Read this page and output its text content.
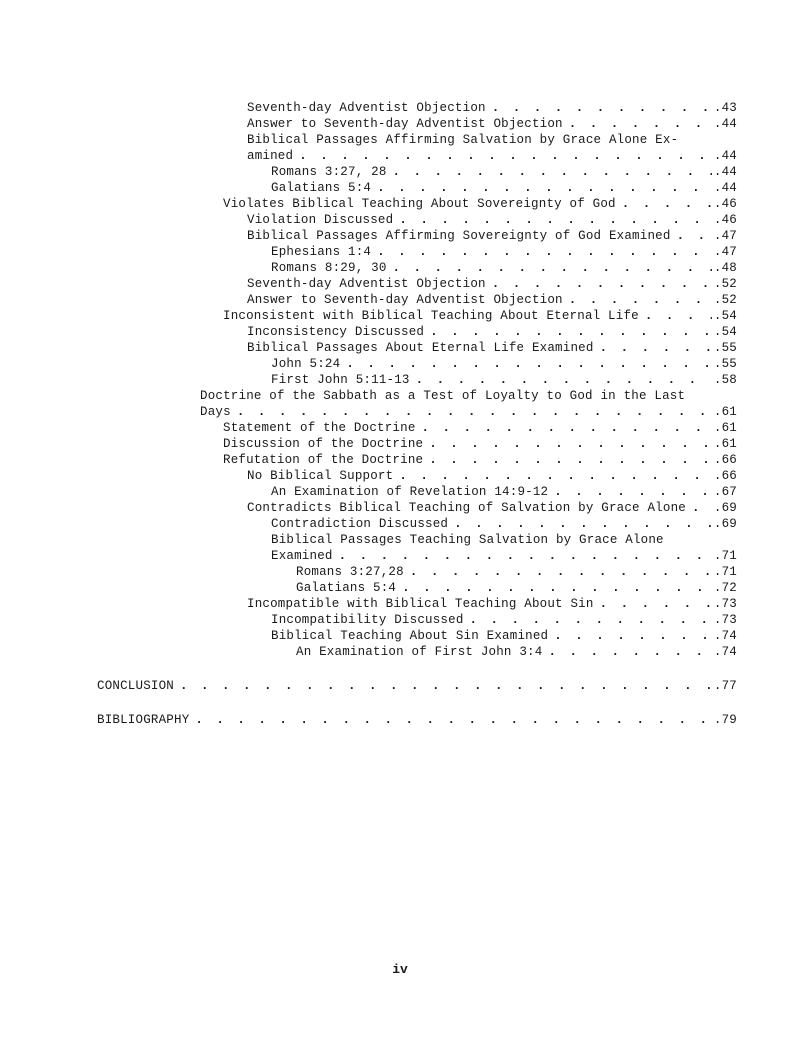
Seventh-day Adventist Objection . . .	.43
Answer to Seventh-day Adventist Objection . . .	.44
Biblical Passages Affirming Salvation by Grace Alone Ex-
amined . . .	.44
Romans 3:27, 28 . . .	.44
Galatians 5:4 . . .	.44
Violates Biblical Teaching About Sovereignty of God . . .	.46
Violation Discussed . . .	.46
Biblical Passages Affirming Sovereignty of God Examined . . .	.47
Ephesians 1:4 . . .	.47
Romans 8:29, 30 . . .	.48
Seventh-day Adventist Objection . . .	.52
Answer to Seventh-day Adventist Objection . . .	.52
Inconsistent with Biblical Teaching About Eternal Life . . .	.54
Inconsistency Discussed . . .	.54
Biblical Passages About Eternal Life Examined . . .	.55
John 5:24 . . .	.55
First John 5:11-13 . . .	.58
Doctrine of the Sabbath as a Test of Loyalty to God in the Last
Days . . .	.61
Statement of the Doctrine . . .	.61
Discussion of the Doctrine . . .	.61
Refutation of the Doctrine . . .	.66
No Biblical Support . . .	.66
An Examination of Revelation 14:9-12 . . .	.67
Contradicts Biblical Teaching of Salvation by Grace Alone . . . .69
Contradiction Discussed . . .	.69
Biblical Passages Teaching Salvation by Grace Alone
Examined . . .	.71
Romans 3:27,28 . . .	.71
Galatians 5:4 . . .	.72
Incompatible with Biblical Teaching About Sin . . .	.73
Incompatibility Discussed . . .	.73
Biblical Teaching About Sin Examined . . .	.74
An Examination of First John 3:4 . . .	.74
CONCLUSION . . .	.77
BIBLIOGRAPHY . . .	.79
iv
